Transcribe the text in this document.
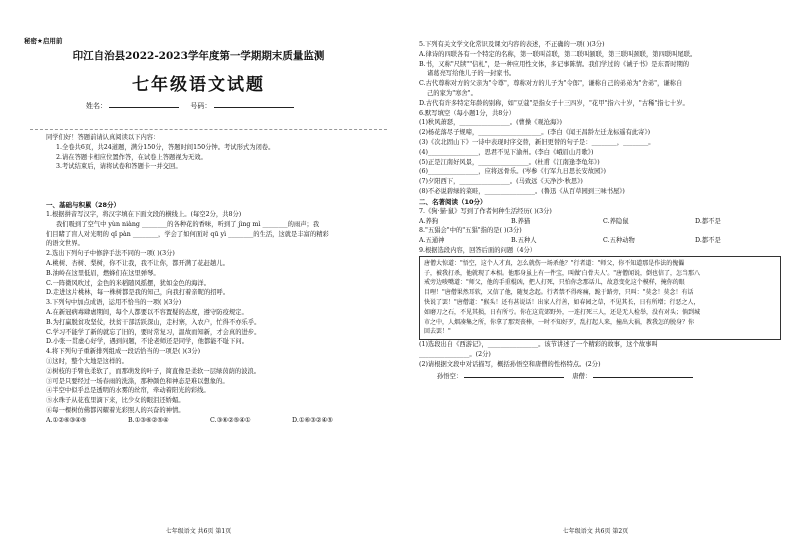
秘密★启用前
印江自治县2022-2023学年度第一学期期末质量监测
七年级语文试题
姓名：	号码：
同学们好！答题前请认真阅读以下内容：
1.全卷共6页，共24道题，满分150分，答题时间150分钟。考试形式为闭卷。
2.请在答题卡相应位置作答，在试卷上答题视为无效。
3.考试结束后，请将试卷和答题卡一并交回。
一、基础与积累（28分）
1.根据拼音写汉字，将汉字填在下面文段的横线上。(每空2分，共8分)
我们吸到了空气中 yùn niàng ________的各种花的香味，听到了 jìng mì ________的雨声；我
们目睹了盲人对光明的 qǐ pàn ________，学会了如何面对 qū yì ________的生活，这就是丰富的精彩
的语文世界。
2.选出下列句子中修辞手法不同的一项( )(3分)
A.桃树、杏树、梨树，你不让我，我不让你，都开满了花赶趟儿。
B.油岭在这里低眉，燃蜂们在这里弹琴。
C.一阵微风吹过，金色的米稻随风摇摆，犹如金色的海洋。
D.走进这片桃林，每一株树都是我的知己，向我打着亲昵的招呼。
3.下列句中加点成语，运用不恰当的一项( )(3分)
A.在新冠病毒肆虐期间，每个人都要以不容置疑的态度，遵守防疫规定。
B.为打赢脱贫攻坚仗，扶贫干部活跃深山，走村寨，入农户，忙得不亦乐乎。
C.学习不能学了新的就忘了旧的，要时常复习，温故而知新，才会真的进步。
D.小张一贯虚心好学，遇到问题，不论老师还是同学，他都能不耻下问。
4.将下列句子重新排列组成一段话恰当的一项是( )(3分)
①这时，整个大地是这样的。
②树枝的手臂也柔软了，而那萌发的叶子，简直像是柔软一层绿茵荫的波浪。
③可是只要经过一场春雨的洗涤，那种颜色和神态是难以想象的。
④半空中似乎总是透明的水雾的丝帘，牵动着阳光的彩线。
⑤水珠子从花苞里滴下来，比少女的眼泪还娇媚。
⑥每一棵树仿佛都闪耀着光彩照人的兴奋的神情。
A.①②⑥③④⑤	B.①③⑥②⑤④	C.③⑥②⑤④①	D.①⑥③②④⑤
七年级语文 共6页 第1页
5.下列有关文学文化常识及课文内容的表述，不正确的一项( )(3分)
A.律诗的四联各有一个特定的名称，第一联叫首联，第二联叫颔联，第三联叫颈联，第四联叫尾联。
B.书，又称"尺牍""信札"，是一种应用性文体，多记事陈情。我们学过的《诫子书》是东晋时期的
诸葛亮写给他儿子的一封家书。
C.古代尊称对方的父亲为"令尊"，尊称对方的儿子为"令郎"，谦称自己的弟弟为"舍弟"，谦称自
己的家为"寒舍"。
D.古代有许多特定年龄的别称，如"豆蔻"是指女子十三四岁，"花甲"指六十岁，"古稀"指七十岁。
6.默写填空（每小题1分，共8分）
(1)秋风萧瑟，________________。(曹操《观沧海》)
(2)杨花落尽子规啼，____________________。(李白《闻王昌龄左迁龙标遥有此寄》)
(3)《次北固山下》一诗中表现时序交替，新旧更替的句子是：________，________。
(4)________________，思君不见下渝州。(李白《峨眉山月歌》)
(5)正是江南好风景，________________。(杜甫《江南逢李龟年》)
(6)________________，应将远骨乐。(岑参《行军九日思长安故园》)
(7)夕阳西下，________________。(马致远《天净沙·秋思》)
(8)不必说碧绿的菜畦，________________。(鲁迅《从百草园到三味书屋》)
二、名著阅读（10分）
7.《狗·猫·鼠》写到了作者何种生活经历( )(3分)
A.养狗	B.养猫	C.养隐鼠	D.都不是
8."五猖会"中的"五猖"指的是( )(3分)
A.五通神	B.五种人	C.五种动物	D.都不是
9.根据选段内容，回答后面的问题（4分）
唐僧大惊道："悟空，这个人才真，怎么就伤一场杀他？"行者道："师父，你不知道那是作法的傀儡
子，被我打杀，他就现了本相。他那身虽上有一件宝，叫做'白骨夫人'。"唐僧闻说，倒也信了，怎当那八
戒旁边唆嘴道："师父，他的手重棍凶，把人打死，只怕你念那话儿，故意变化这个模样，掩你的眼
目哩！"唐僧果然耳软，又信了他，随复念起。行者禁不得疼痛，跪于路旁，只叫："莫念！莫念！有话
快说了罢！"唐僧道："猴头！还有甚说话！出家人行善，如春园之草，不见其长，日有所增；行恶之人，
如磨刀之石，不见其损，日有所亏。你在这荒郊野外，一连打死三人，还是无人检举，没有对头；倘到城
市之中，人烟凑集之所，你拿了那哭丧棒，一时不知好歹，乱打起人来，撞出大祸，教我怎的脱身？你
回去罢！"
(1)选段出自《西游记》，________________。该节讲述了一个精彩的故事，这个故事叫
________________。(2分)
(2)请根据文段中对话描写，概括孙悟空和唐僧的性格特点。(2分)
孙悟空：	唐僧：
七年级语文 共6页 第2页
